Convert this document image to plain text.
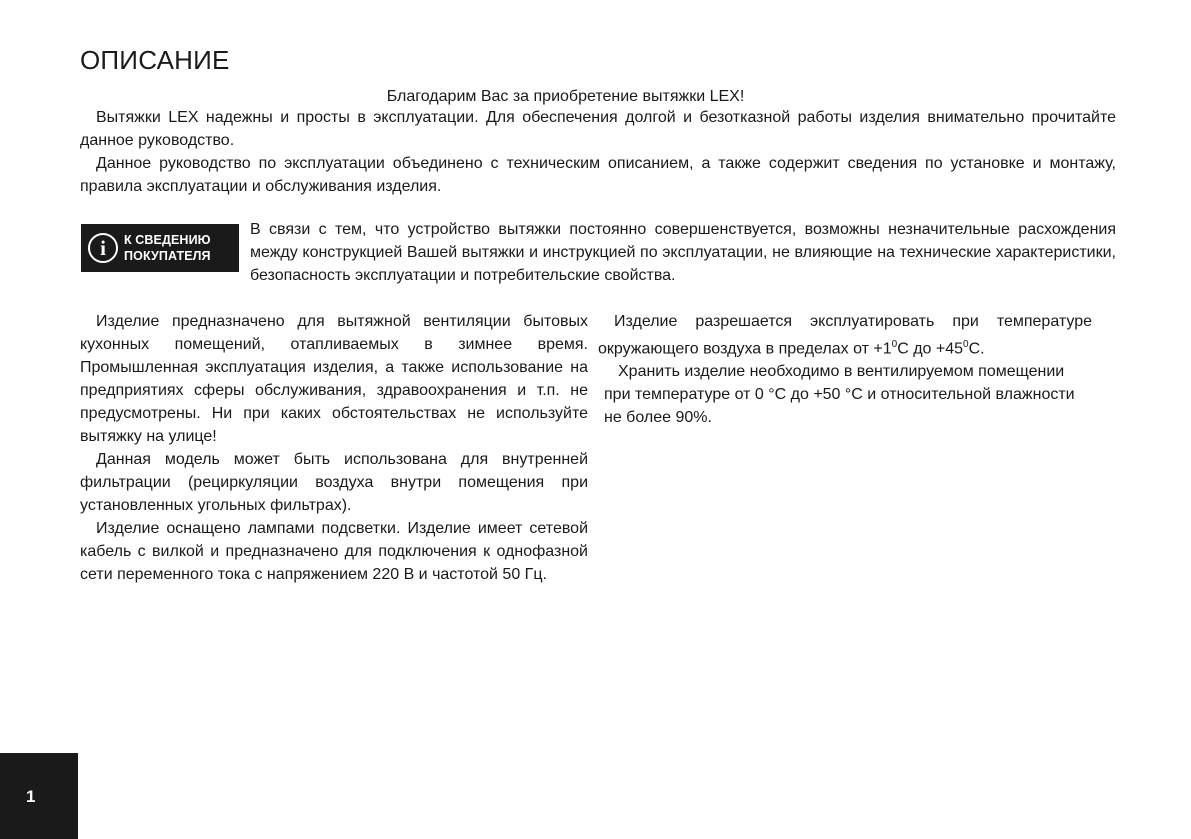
ОПИСАНИЕ

Благодарим Вас за приобретение вытяжки LEX!

Вытяжки LEX надежны и просты в эксплуатации. Для обеспечения долгой и безотказной работы изделия внимательно прочитайте данное руководство.

Данное руководство по эксплуатации объединено с техническим описанием, а также содержит сведения по установке и монтажу, правила эксплуатации и обслуживания изделия.

i	К СВЕДЕНИЮ
ПОКУПАТЕЛЯ

В связи с тем, что устройство вытяжки постоянно совершенствуется, возможны незначительные расхождения между конструкцией Вашей вытяжки и инструкцией по эксплуатации, не влияющие на технические характеристики, безопасность эксплуатации и потребительские свойства.

Изделие предназначено для вытяжной вентиляции бытовых кухонных помещений, отапливаемых в зимнее время. Промышленная эксплуатация изделия, а также использование на предприятиях сферы обслуживания, здравоохранения и т.п. не предусмотрены. Ни при каких обстоятельствах не используйте вытяжку на улице!

Данная модель может быть использована для внутренней фильтрации (рециркуляции воздуха внутри помещения при установленных угольных фильтрах).

Изделие оснащено лампами подсветки. Изделие имеет сетевой кабель с вилкой и предназначено для подключения к однофазной сети переменного тока с напряжением 220 В и частотой 50 Гц.

Изделие разрешается эксплуатировать при температуре окружающего воздуха в пределах от $+1^0С$ до $+45^0С$.

Хранить изделие необходимо в вентилируемом помещении при температуре от 0 °С до +50 °С и относительной влажности не более 90%.

1
